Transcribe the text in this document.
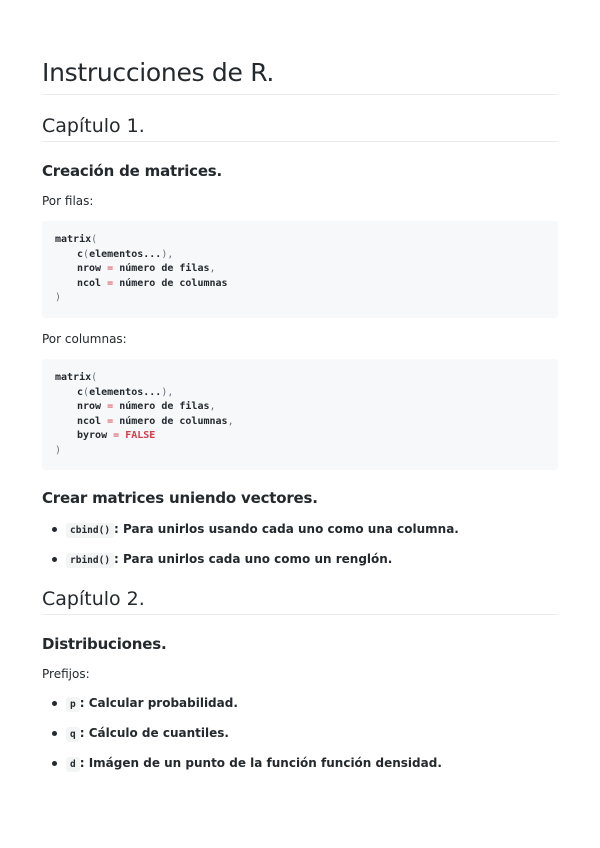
Instrucciones de R.
Capítulo 1.
Creación de matrices.

Por filas:

matrix(
c(elementos...),
nrow = número de filas,
ncol = número de columnas
)

Por columnas:

matrix(
c(elementos...),
nrow = número de filas,
ncol = número de columnas,
byrow = FALSE
)
Crear matrices uniendo vectores.
cbind() : Para unirlos usando cada uno como una columna.
rbind() : Para unirlos cada uno como un renglón.
Capítulo 2.
Distribuciones.

Prefijos:

p : Calcular probabilidad.
q : Cálculo de cuantiles.
d : Imágen de un punto de la función función densidad.
